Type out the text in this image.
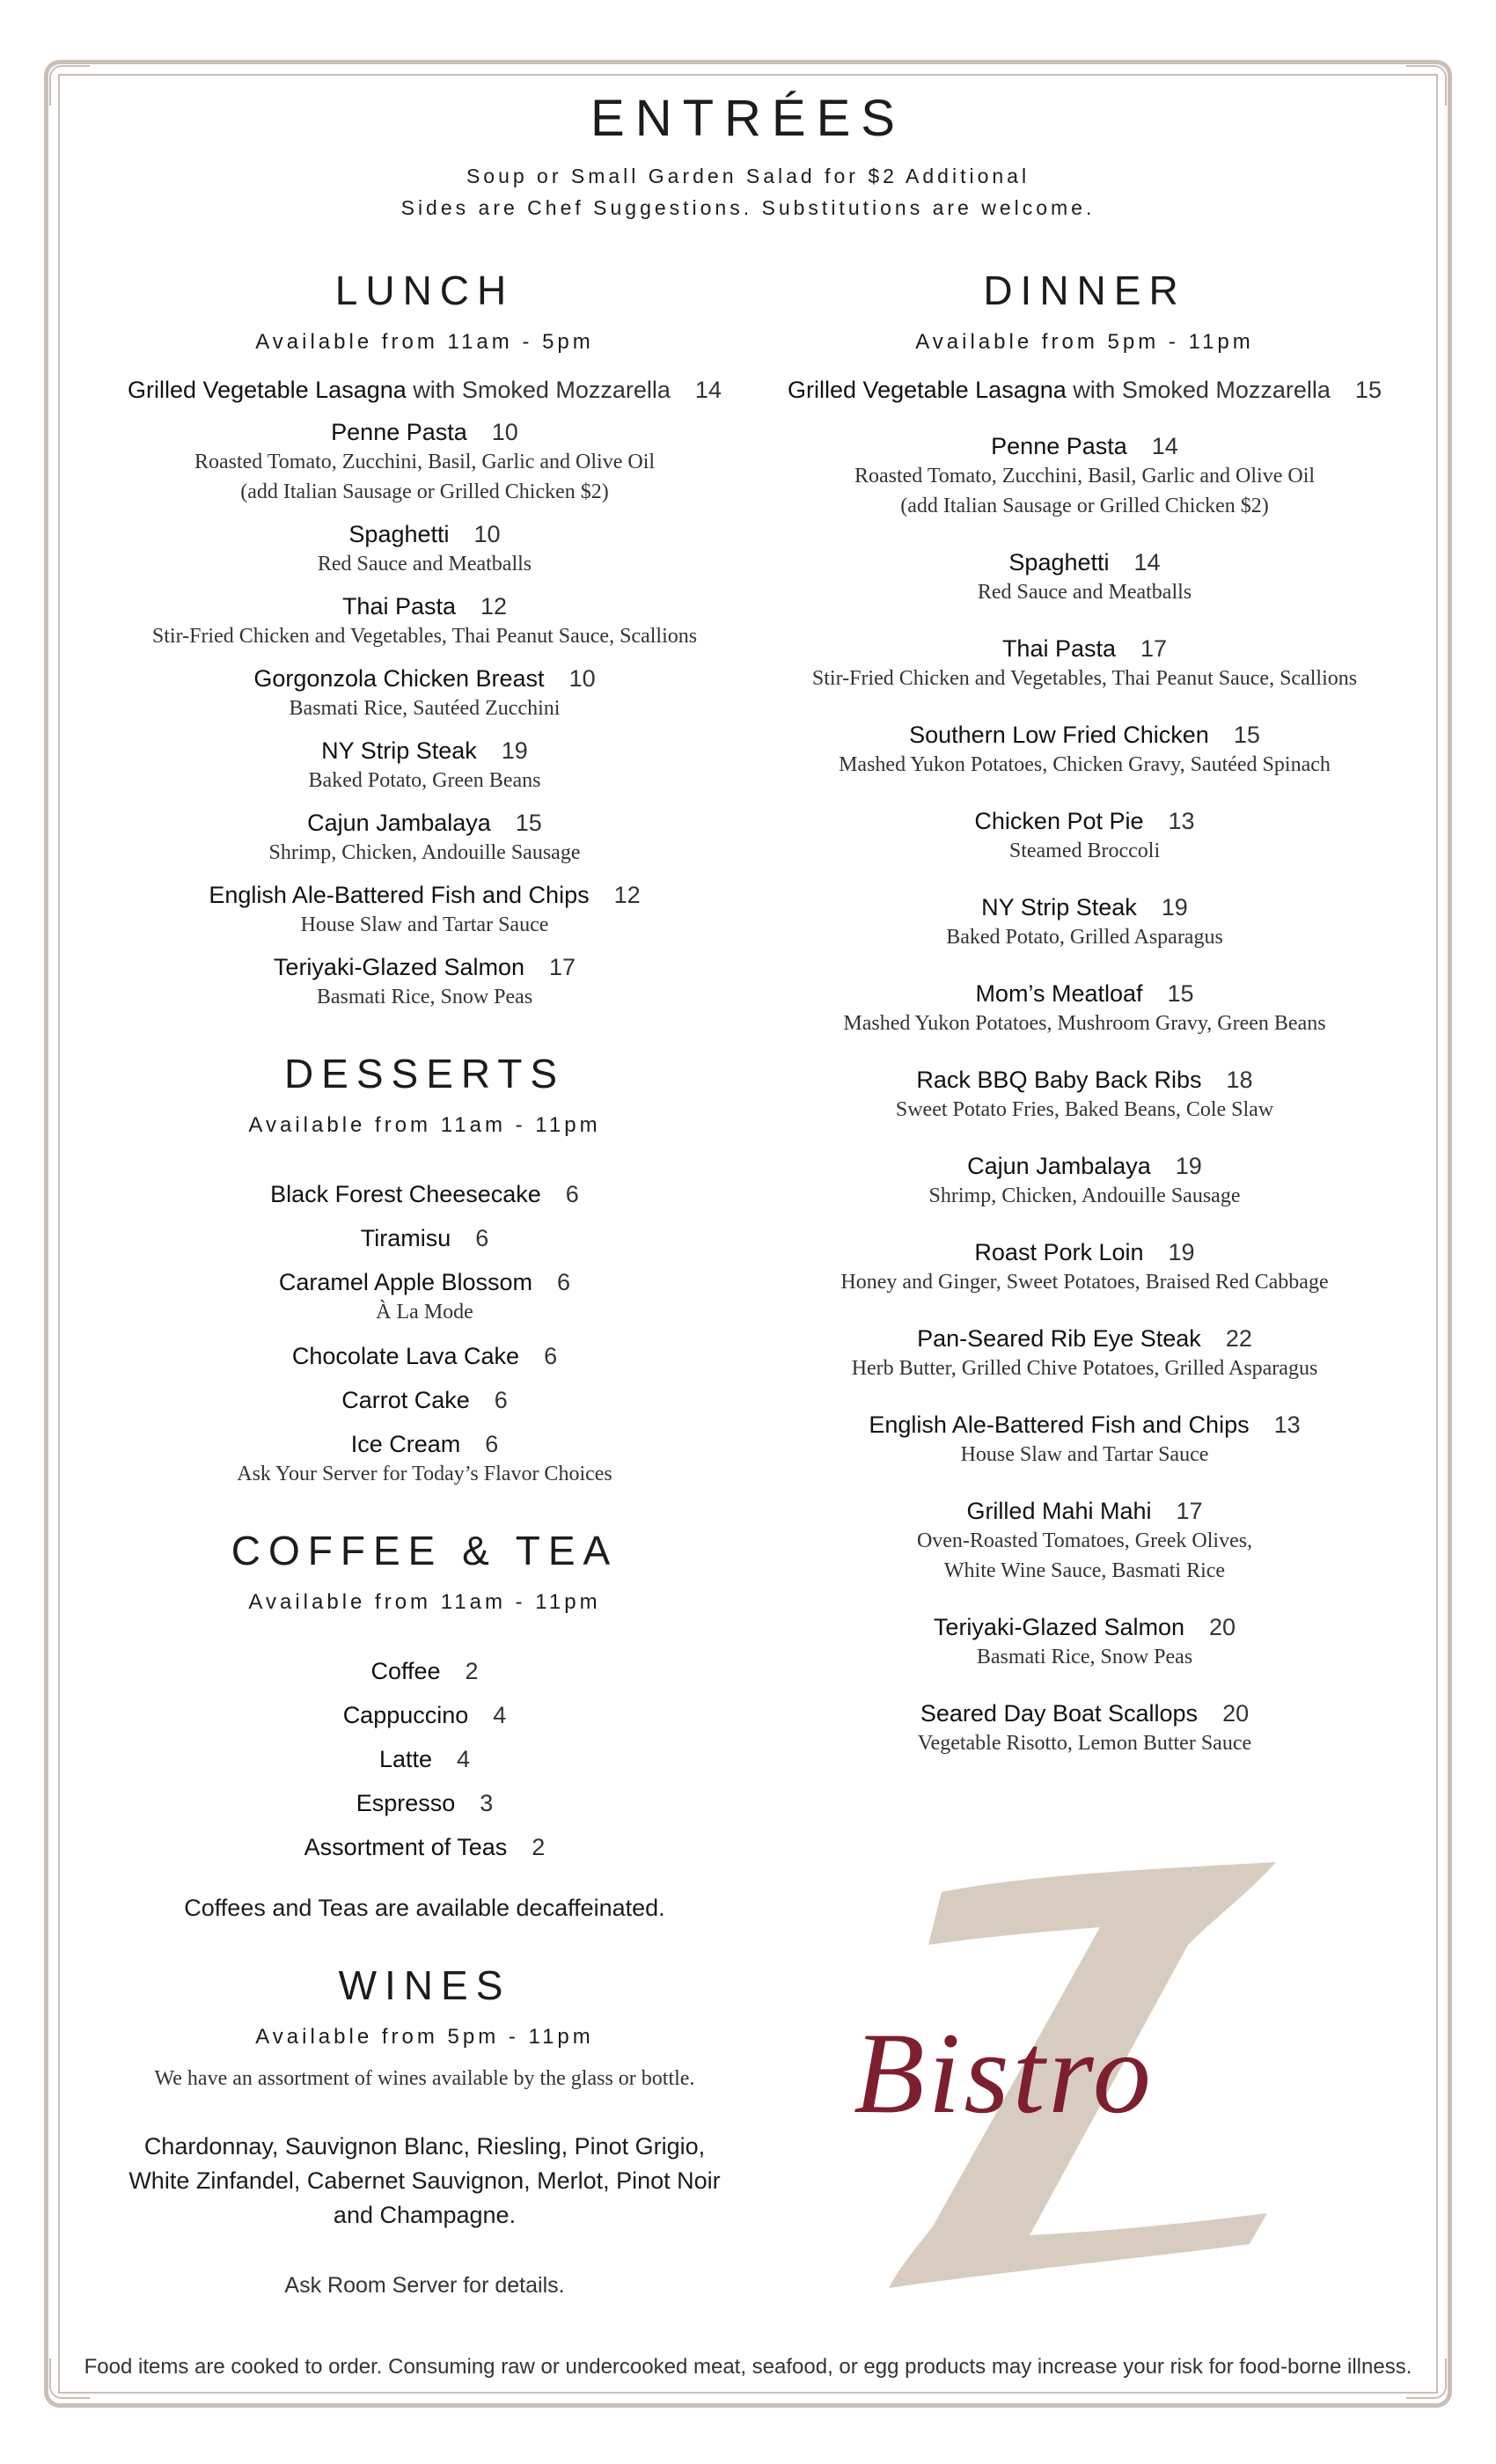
ENTRÉES

Soup or Small Garden Salad for $2 Additional

Sides are Chef Suggestions. Substitutions are welcome.

LUNCH

Available from 11am - 5pm

Grilled Vegetable Lasagna with Smoked Mozzarella 14
Penne Pasta 10
Roasted Tomato, Zucchini, Basil, Garlic and Olive Oil
(add Italian Sausage or Grilled Chicken $2)
Spaghetti 10
Red Sauce and Meatballs
Thai Pasta 12
Stir-Fried Chicken and Vegetables, Thai Peanut Sauce, Scallions
Gorgonzola Chicken Breast 10
Basmati Rice, Sautéed Zucchini
NY Strip Steak 19
Baked Potato, Green Beans
Cajun Jambalaya 15
Shrimp, Chicken, Andouille Sausage
English Ale-Battered Fish and Chips 12
House Slaw and Tartar Sauce
Teriyaki-Glazed Salmon 17
Basmati Rice, Snow Peas
DESSERTS

Available from 11am - 11pm

Black Forest Cheesecake 6
Tiramisu 6
Caramel Apple Blossom 6
À La Mode
Chocolate Lava Cake 6
Carrot Cake 6
Ice Cream 6
Ask Your Server for Today’s Flavor Choices
COFFEE & TEA

Available from 11am - 11pm

Coffee 2
Cappuccino 4
Latte 4
Espresso 3
Assortment of Teas 2
Coffees and Teas are available decaffeinated.
WINES

Available from 5pm - 11pm

We have an assortment of wines available by the glass or bottle.
Chardonnay, Sauvignon Blanc, Riesling, Pinot Grigio,
White Zinfandel, Cabernet Sauvignon, Merlot, Pinot Noir
and Champagne.
Ask Room Server for details.
DINNER

Available from 5pm - 11pm

Grilled Vegetable Lasagna with Smoked Mozzarella 15
Penne Pasta 14
Roasted Tomato, Zucchini, Basil, Garlic and Olive Oil
(add Italian Sausage or Grilled Chicken $2)
Spaghetti 14
Red Sauce and Meatballs
Thai Pasta 17
Stir-Fried Chicken and Vegetables, Thai Peanut Sauce, Scallions
Southern Low Fried Chicken 15
Mashed Yukon Potatoes, Chicken Gravy, Sautéed Spinach
Chicken Pot Pie 13
Steamed Broccoli
NY Strip Steak 19
Baked Potato, Grilled Asparagus
Mom’s Meatloaf 15
Mashed Yukon Potatoes, Mushroom Gravy, Green Beans
Rack BBQ Baby Back Ribs 18
Sweet Potato Fries, Baked Beans, Cole Slaw
Cajun Jambalaya 19
Shrimp, Chicken, Andouille Sausage
Roast Pork Loin 19
Honey and Ginger, Sweet Potatoes, Braised Red Cabbage
Pan-Seared Rib Eye Steak 22
Herb Butter, Grilled Chive Potatoes, Grilled Asparagus
English Ale-Battered Fish and Chips 13
House Slaw and Tartar Sauce
Grilled Mahi Mahi 17
Oven-Roasted Tomatoes, Greek Olives,
White Wine Sauce, Basmati Rice
Teriyaki-Glazed Salmon 20
Basmati Rice, Snow Peas
Seared Day Boat Scallops 20
Vegetable Risotto, Lemon Butter Sauce
Bistro
Food items are cooked to order. Consuming raw or undercooked meat, seafood, or egg products may increase your risk for food-borne illness.
